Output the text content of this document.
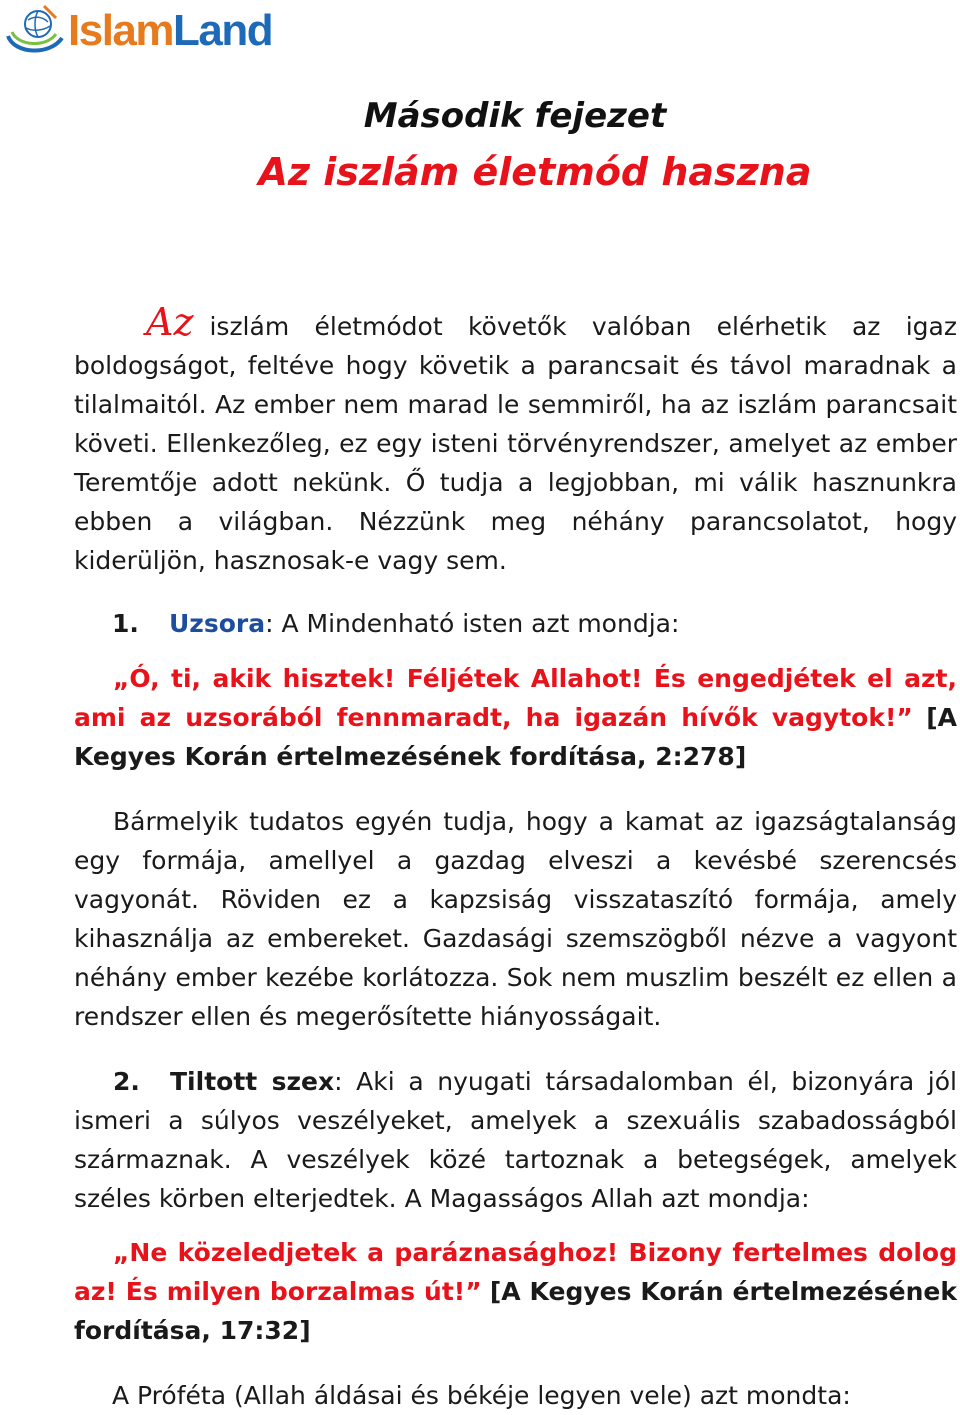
IslamLand
Második fejezet
Az iszlám életmód haszna

Az iszlám életmódot követők valóban elérhetik az igaz boldogságot, feltéve hogy követik a parancsait és távol maradnak a tilalmaitól. Az ember nem marad le semmiről, ha az iszlám parancsait követi. Ellenkezőleg, ez egy isteni törvényrendszer, amelyet az ember Teremtője adott nekünk. Ő tudja a legjobban, mi válik hasznunkra ebben a világban. Nézzünk meg néhány parancsolatot, hogy kiderüljön, hasznosak-e vagy sem.

1. Uzsora: A Mindenható isten azt mondja:

„Ó, ti, akik hisztek! Féljétek Allahot! És engedjétek el azt, ami az uzsorából fennmaradt, ha igazán hívők vagytok!” [A Kegyes Korán értelmezésének fordítása, 2:278]

Bármelyik tudatos egyén tudja, hogy a kamat az igazságtalanság egy formája, amellyel a gazdag elveszi a kevésbé szerencsés vagyonát. Röviden ez a kapzsiság visszataszító formája, amely kihasználja az embereket. Gazdasági szemszögből nézve a vagyont néhány ember kezébe korlátozza. Sok nem muszlim beszélt ez ellen a rendszer ellen és megerősítette hiányosságait.

2. Tiltott szex: Aki a nyugati társadalomban él, bizonyára jól ismeri a súlyos veszélyeket, amelyek a szexuális szabadosságból származnak. A veszélyek közé tartoznak a betegségek, amelyek széles körben elterjedtek. A Magasságos Allah azt mondja:

„Ne közeledjetek a paráznasághoz! Bizony fertelmes dolog az! És milyen borzalmas út!” [A Kegyes Korán értelmezésének fordítása, 17:32]

A Próféta (Allah áldásai és békéje legyen vele) azt mondta:
